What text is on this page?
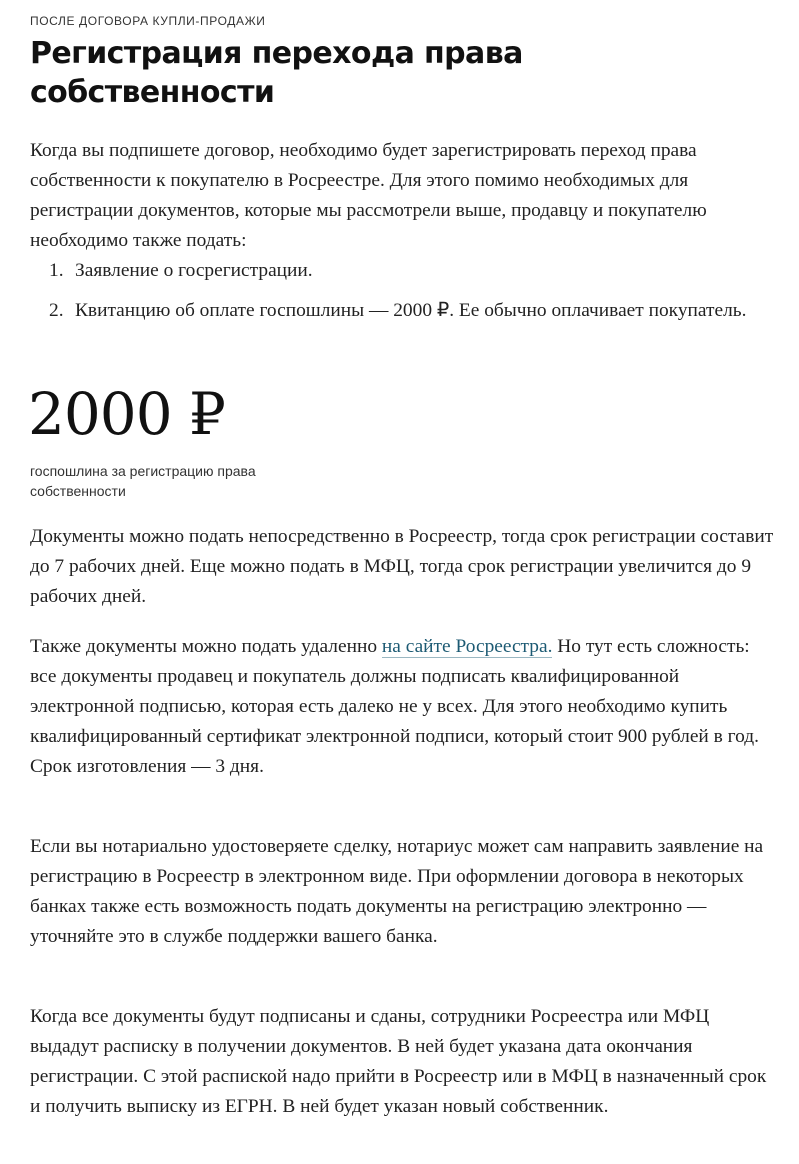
ПОСЛЕ ДОГОВОРА КУПЛИ-ПРОДАЖИ
Регистрация перехода права собственности

Когда вы подпишете договор, необходимо будет зарегистрировать переход права собственности к покупателю в Росреестре. Для этого помимо необходимых для регистрации документов, которые мы рассмотрели выше, продавцу и покупателю необходимо также подать:

1. Заявление о госрегистрации.
2. Квитанцию об оплате госпошлины — 2000 ₽. Ее обычно оплачивает покупатель.
2000 ₽
госпошлина за регистрацию права собственности

Документы можно подать непосредственно в Росреестр, тогда срок регистрации составит до 7 рабочих дней. Еще можно подать в МФЦ, тогда срок регистрации увеличится до 9 рабочих дней.

Также документы можно подать удаленно на сайте Росреестра. Но тут есть сложность: все документы продавец и покупатель должны подписать квалифицированной электронной подписью, которая есть далеко не у всех. Для этого необходимо купить квалифицированный сертификат электронной подписи, который стоит 900 рублей в год. Срок изготовления — 3 дня.

Если вы нотариально удостоверяете сделку, нотариус может сам направить заявление на регистрацию в Росреестр в электронном виде. При оформлении договора в некоторых банках также есть возможность подать документы на регистрацию электронно — уточняйте это в службе поддержки вашего банка.

Когда все документы будут подписаны и сданы, сотрудники Росреестра или МФЦ выдадут расписку в получении документов. В ней будет указана дата окончания регистрации. С этой распиской надо прийти в Росреестр или в МФЦ в назначенный срок и получить выписку из ЕГРН. В ней будет указан новый собственник.
